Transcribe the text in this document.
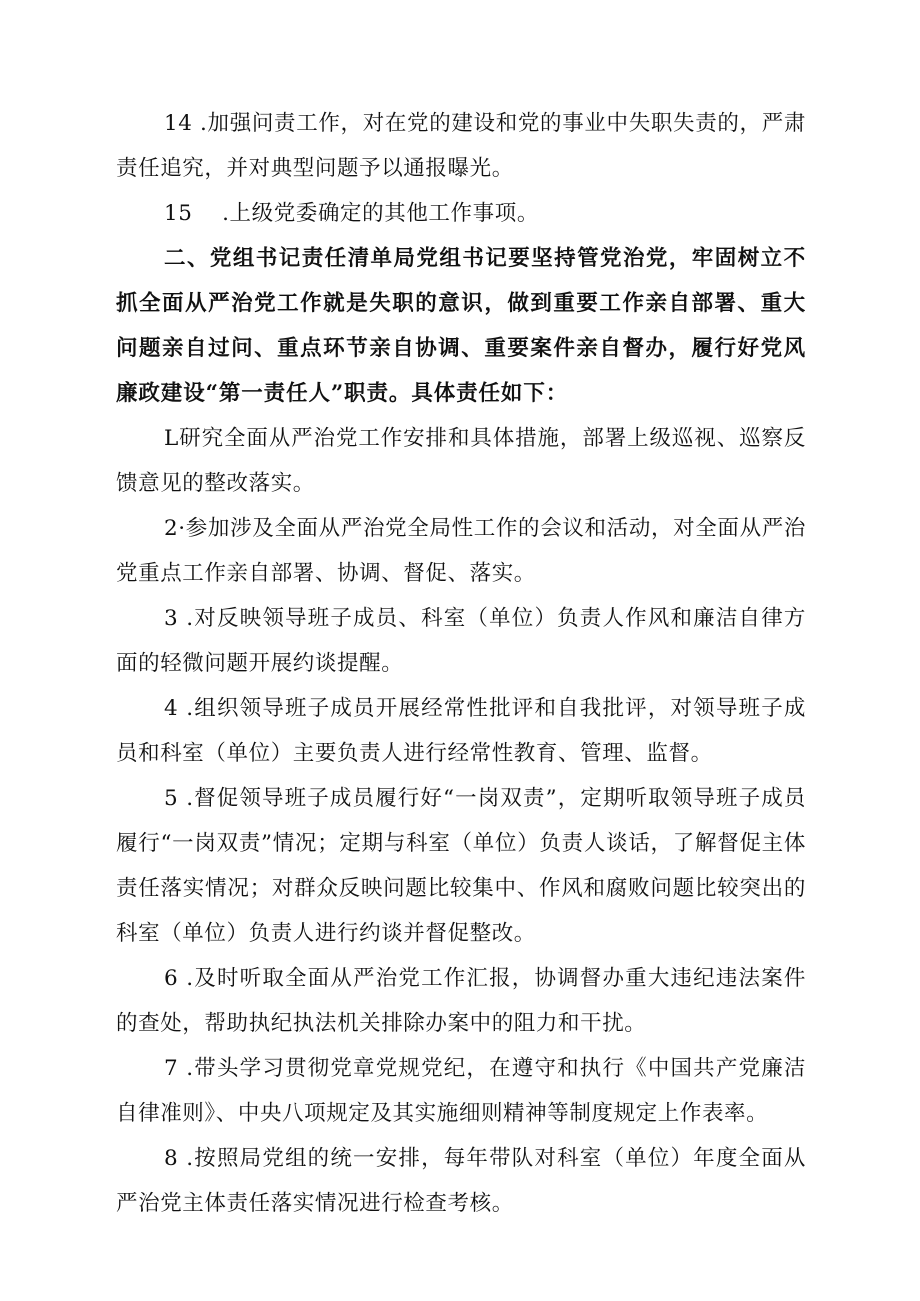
14 .加强问责工作，对在党的建设和党的事业中失职失责的，严肃责任追究，并对典型问题予以通报曝光。

15　 .上级党委确定的其他工作事项。

二、党组书记责任清单局党组书记要坚持管党治党，牢固树立不抓全面从严治党工作就是失职的意识，做到重要工作亲自部署、重大问题亲自过问、重点环节亲自协调、重要案件亲自督办，履行好党风廉政建设“第一责任人”职责。具体责任如下：

L研究全面从严治党工作安排和具体措施，部署上级巡视、巡察反馈意见的整改落实。

2·参加涉及全面从严治党全局性工作的会议和活动，对全面从严治党重点工作亲自部署、协调、督促、落实。

3 .对反映领导班子成员、科室（单位）负责人作风和廉洁自律方面的轻微问题开展约谈提醒。

4 .组织领导班子成员开展经常性批评和自我批评，对领导班子成员和科室（单位）主要负责人进行经常性教育、管理、监督。

5 .督促领导班子成员履行好“一岗双责”，定期听取领导班子成员履行“一岗双责”情况；定期与科室（单位）负责人谈话，了解督促主体责任落实情况；对群众反映问题比较集中、作风和腐败问题比较突出的科室（单位）负责人进行约谈并督促整改。

6 .及时听取全面从严治党工作汇报，协调督办重大违纪违法案件的查处，帮助执纪执法机关排除办案中的阻力和干扰。

7 .带头学习贯彻党章党规党纪，在遵守和执行《中国共产党廉洁自律准则》、中央八项规定及其实施细则精神等制度规定上作表率。

8 .按照局党组的统一安排，每年带队对科室（单位）年度全面从严治党主体责任落实情况进行检查考核。
